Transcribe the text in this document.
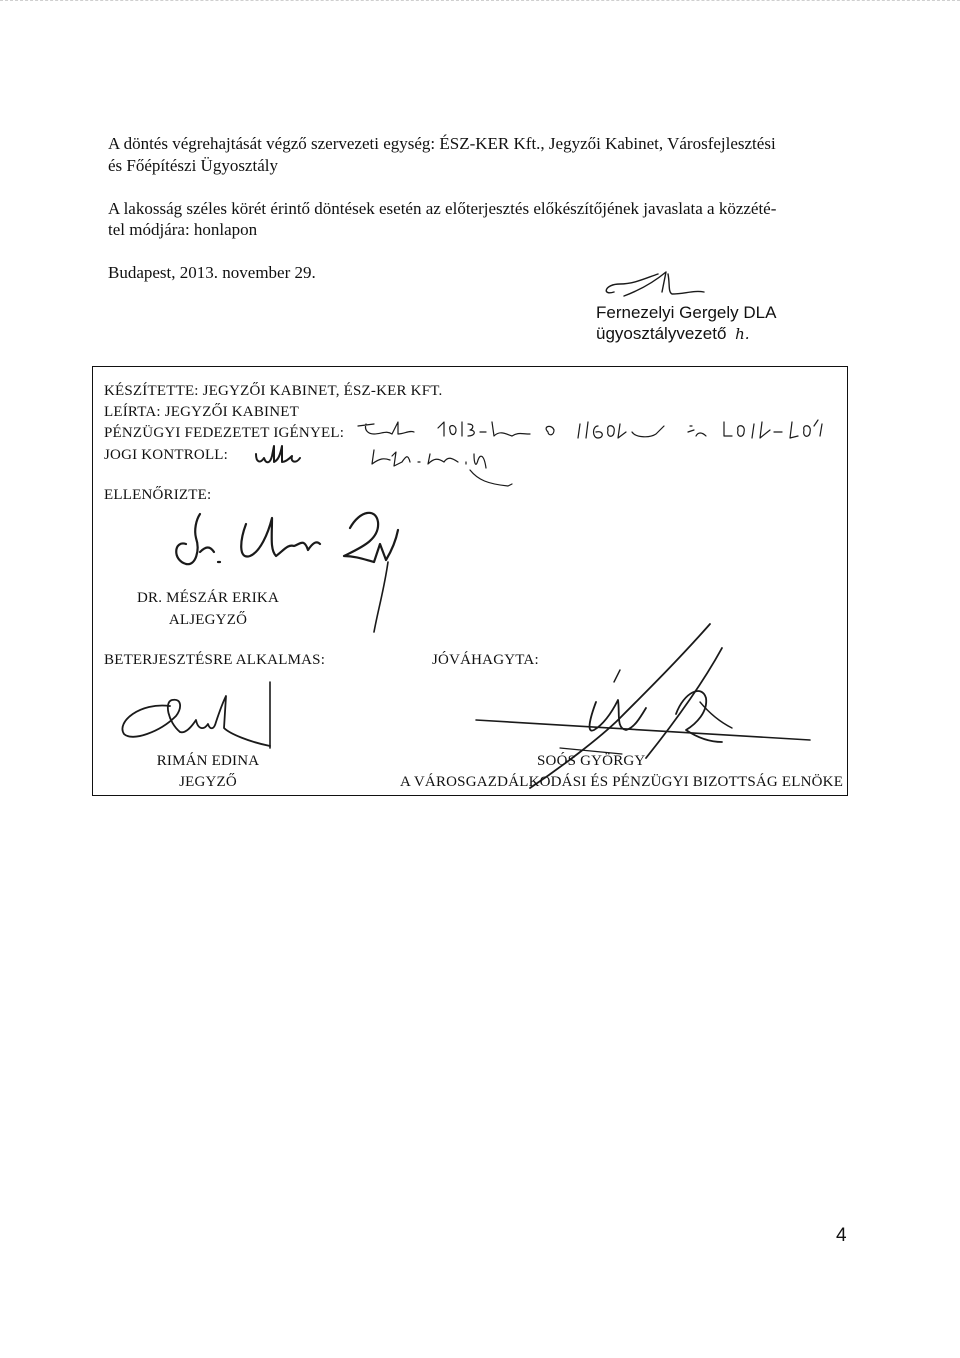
A döntés végrehajtását végző szervezeti egység: ÉSZ-KER Kft., Jegyzői Kabinet, Városfejlesztési
és Főépítészi Ügyosztály
A lakosság széles körét érintő döntések esetén az előterjesztés előkészítőjének javaslata a közzété-
tel módjára: honlapon
Budapest, 2013. november 29.
Fernezelyi Gergely DLA
ügyosztályvezető h.
KÉSZÍTETTE: JEGYZŐI KABINET, ÉSZ-KER KFT.
LEÍRTA: JEGYZŐI KABINET
PÉNZÜGYI FEDEZETET IGÉNYEL:
JOGI KONTROLL:
ELLENŐRIZTE:
DR. MÉSZÁR ERIKA
ALJEGYZŐ
BETERJESZTÉSRE ALKALMAS:	JÓVÁHAGYTA:
RIMÁN EDINA
JEGYZŐ
SOÓS GYÖRGY
A VÁROSGAZDÁLKODÁSI ÉS PÉNZÜGYI BIZOTTSÁG ELNÖKE
4
